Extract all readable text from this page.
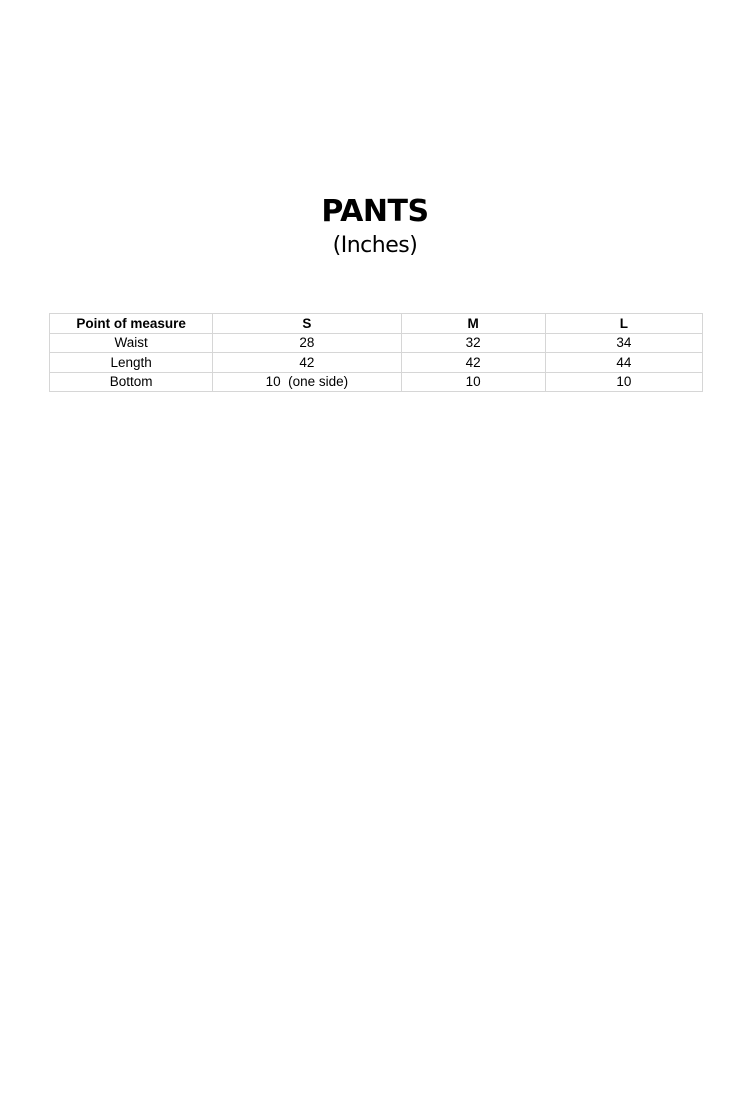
PANTS
(Inches)
Point of measure	S	M	L
Waist	28	32	34
Length	42	42	44
Bottom	10  (one side)	10	10
